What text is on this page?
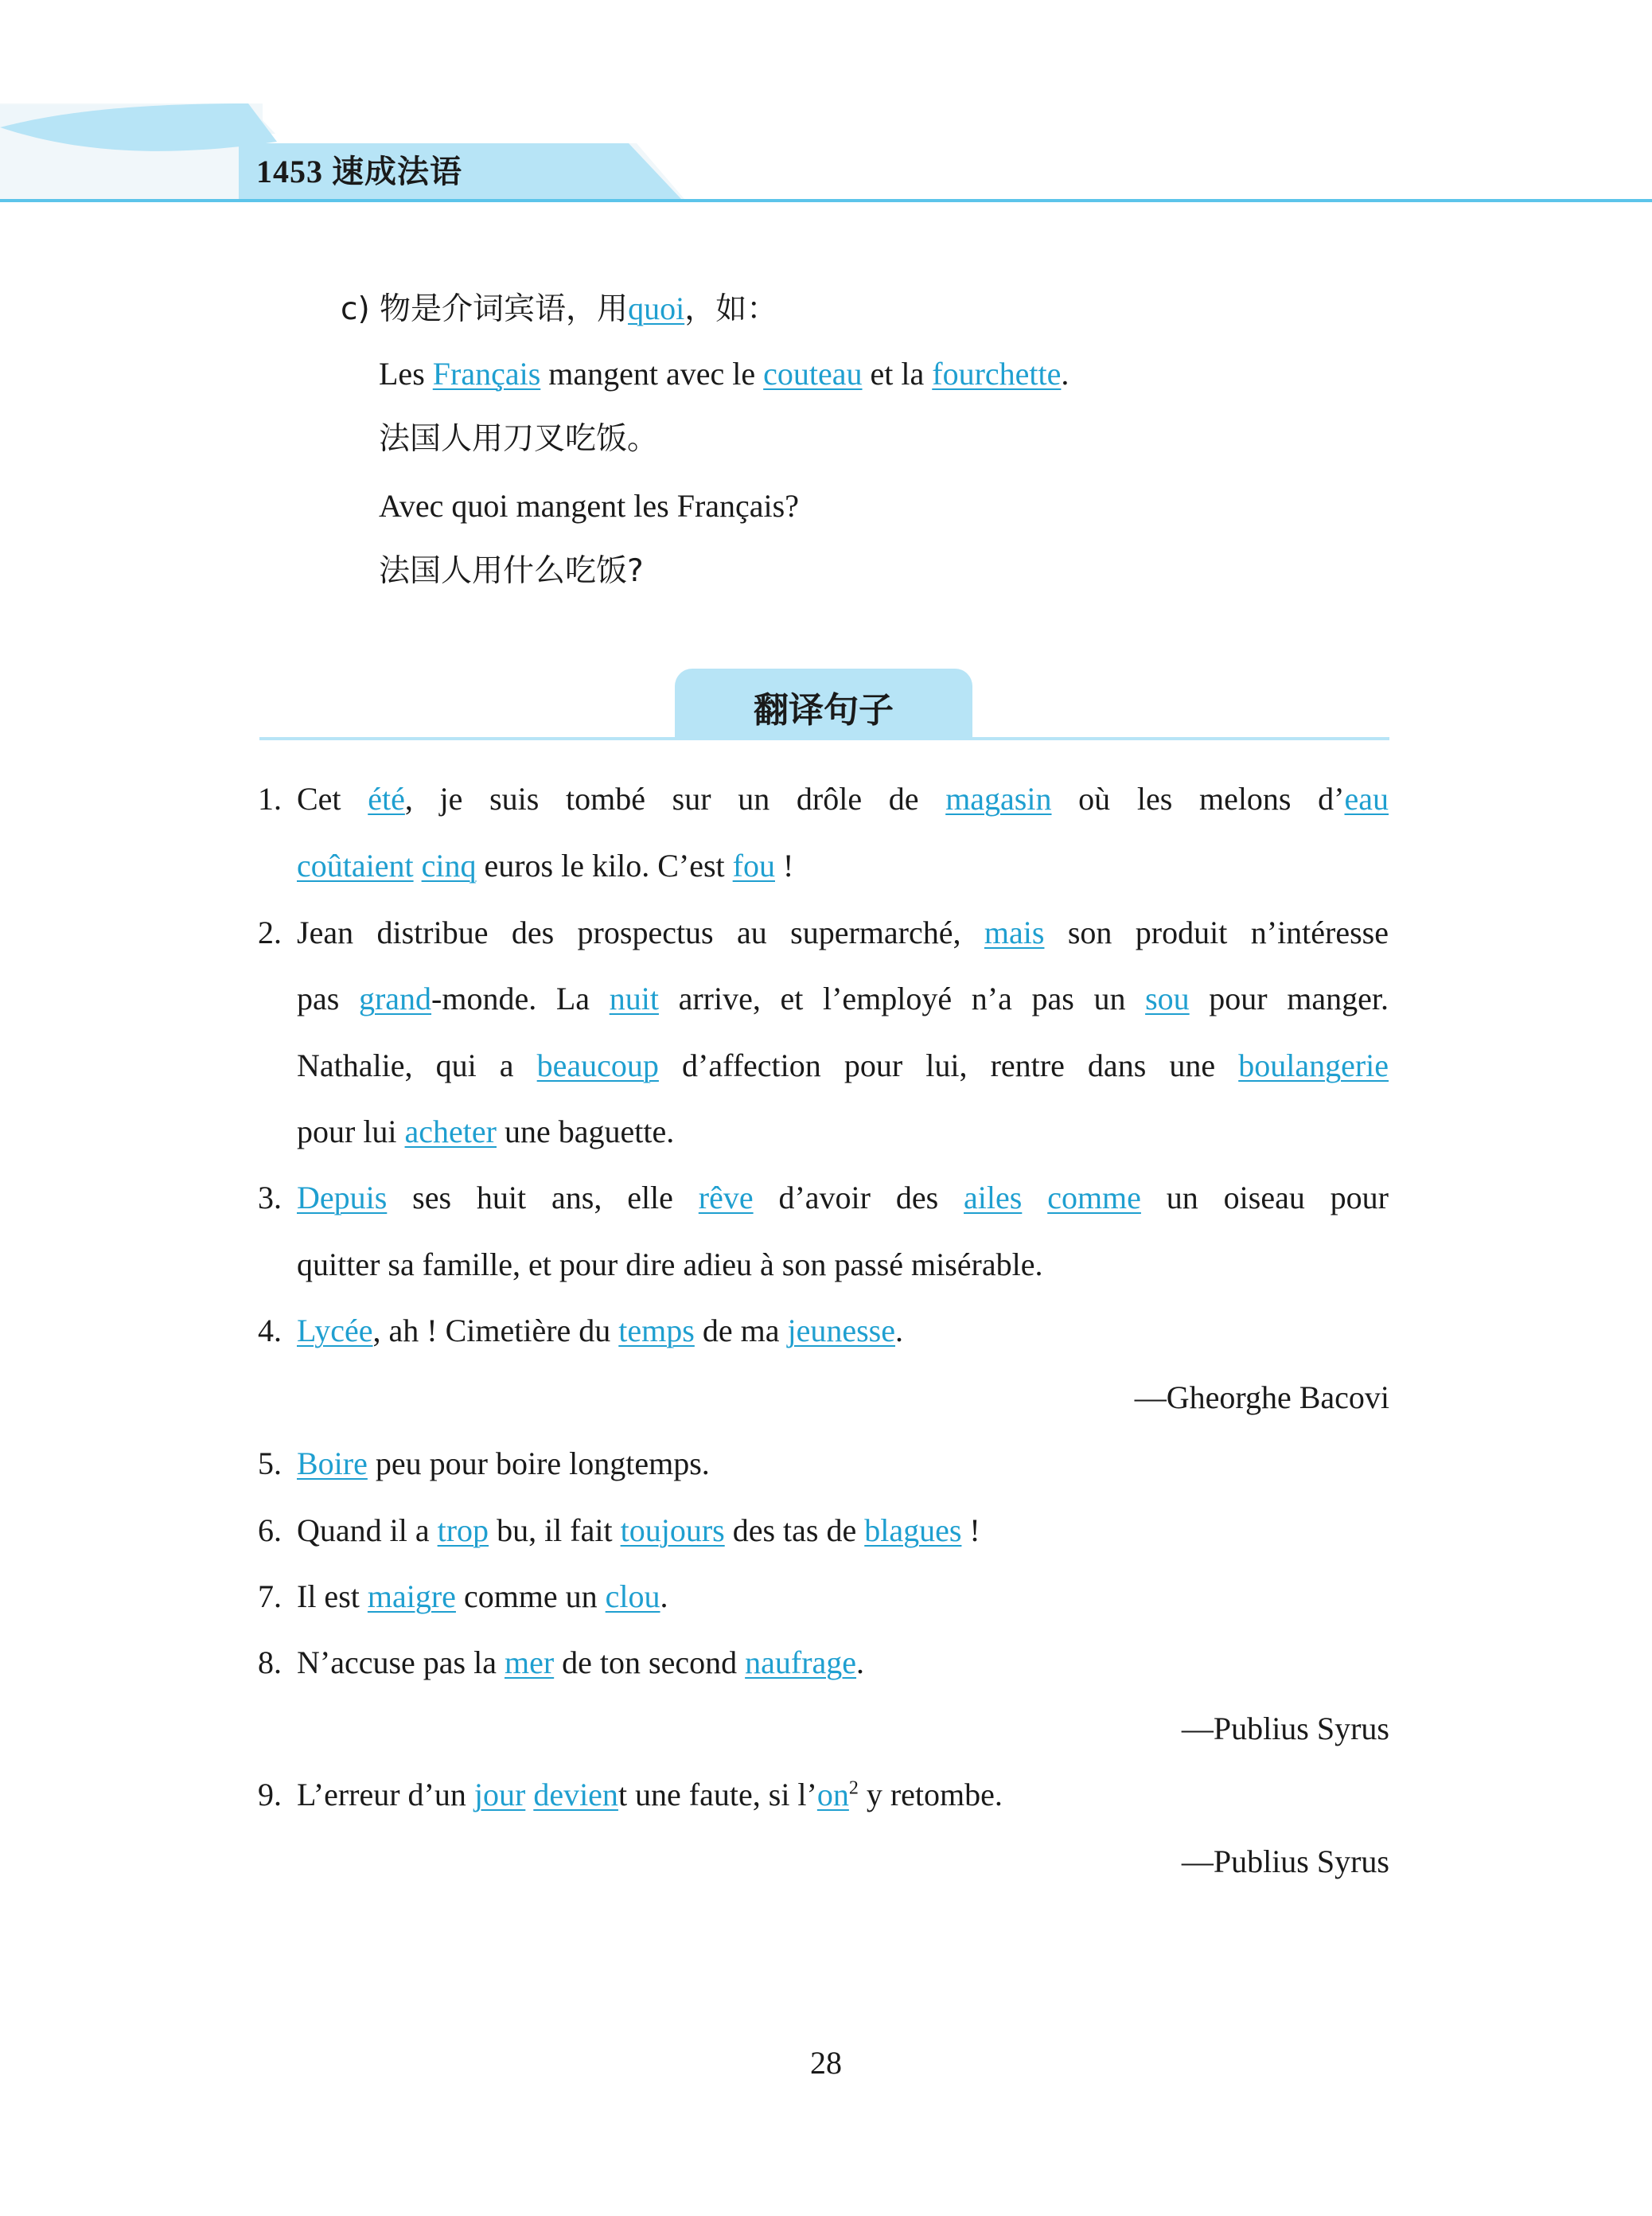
1453 速成法语
c) 物是介词宾语，用quoi，如：
Les Français mangent avec le couteau et la fourchette.
法国人用刀叉吃饭。
Avec quoi mangent les Français?
法国人用什么吃饭?
翻译句子
1. Cet été, je suis tombé sur un drôle de magasin où les melons d’eau
coûtaient cinq euros le kilo. C’est fou !
2. Jean distribue des prospectus au supermarché, mais son produit n’intéresse
pas grand-monde. La nuit arrive, et l’employé n’a pas un sou pour manger.
Nathalie, qui a beaucoup d’affection pour lui, rentre dans une boulangerie
pour lui acheter une baguette.
3. Depuis ses huit ans, elle rêve d’avoir des ailes comme un oiseau pour
quitter sa famille, et pour dire adieu à son passé misérable.
4. Lycée, ah ! Cimetière du temps de ma jeunesse.
—Gheorghe Bacovi
5. Boire peu pour boire longtemps.
6. Quand il a trop bu, il fait toujours des tas de blagues !
7. Il est maigre comme un clou.
8. N’accuse pas la mer de ton second naufrage.
—Publius Syrus
9. L’erreur d’un jour devient une faute, si $l’on^2$ y retombe.
—Publius Syrus
28
